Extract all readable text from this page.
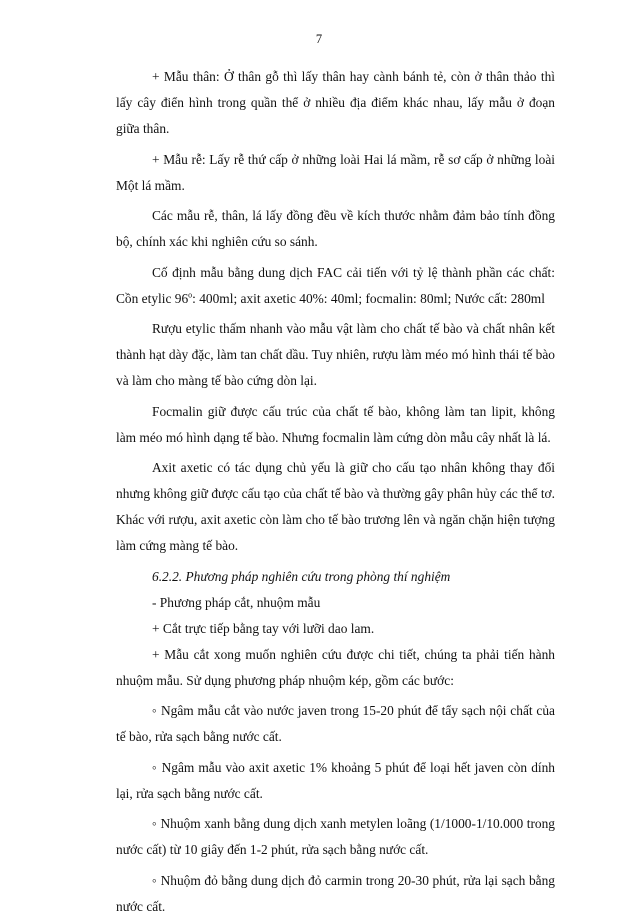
7

+ Mẫu thân: Ở thân gỗ thì lấy thân hay cành bánh tẻ, còn ở thân thảo thì lấy cây điển hình trong quần thể ở nhiều địa điểm khác nhau, lấy mẫu ở đoạn giữa thân.

+ Mẫu rễ: Lấy rễ thứ cấp ở những loài Hai lá mầm, rễ sơ cấp ở những loài Một lá mầm.

Các mẫu rễ, thân, lá lấy đồng đều về kích thước nhằm đảm bảo tính đồng bộ, chính xác khi nghiên cứu so sánh.

Cố định mẫu bằng dung dịch FAC cải tiến với tỷ lệ thành phần các chất: Cồn etylic 96$^o$: 400ml; axit axetic 40%: 40ml; focmalin: 80ml; Nước cất: 280ml

Rượu etylic thấm nhanh vào mẫu vật làm cho chất tế bào và chất nhân kết thành hạt dày đặc, làm tan chất dầu. Tuy nhiên, rượu làm méo mó hình thái tế bào và làm cho màng tế bào cứng dòn lại.

Focmalin giữ được cấu trúc của chất tế bào, không làm tan lipit, không làm méo mó hình dạng tế bào. Nhưng focmalin làm cứng dòn mẫu cây nhất là lá.

Axit axetic có tác dụng chủ yếu là giữ cho cấu tạo nhân không thay đổi nhưng không giữ được cấu tạo của chất tế bào và thường gây phân hủy các thể tơ. Khác với rượu, axit axetic còn làm cho tế bào trương lên và ngăn chặn hiện tượng làm cứng màng tế bào.

6.2.2. Phương pháp nghiên cứu trong phòng thí nghiệm

- Phương pháp cắt, nhuộm mẫu

+ Cắt trực tiếp bằng tay với lưỡi dao lam.

+ Mẫu cắt xong muốn nghiên cứu được chi tiết, chúng ta phải tiến hành nhuộm mẫu. Sử dụng phương pháp nhuộm kép, gồm các bước:

◦ Ngâm mẫu cắt vào nước javen trong 15-20 phút để tẩy sạch nội chất của tế bào, rửa sạch bằng nước cất.

◦ Ngâm mẫu vào axit axetic 1% khoảng 5 phút để loại hết javen còn dính lại, rửa sạch bằng nước cất.

◦ Nhuộm xanh bằng dung dịch xanh metylen loãng (1/1000-1/10.000 trong nước cất) từ 10 giây đến 1-2 phút, rửa sạch bằng nước cất.

◦ Nhuộm đỏ bằng dung dịch đỏ carmin trong 20-30 phút, rửa lại sạch bằng nước cất.
